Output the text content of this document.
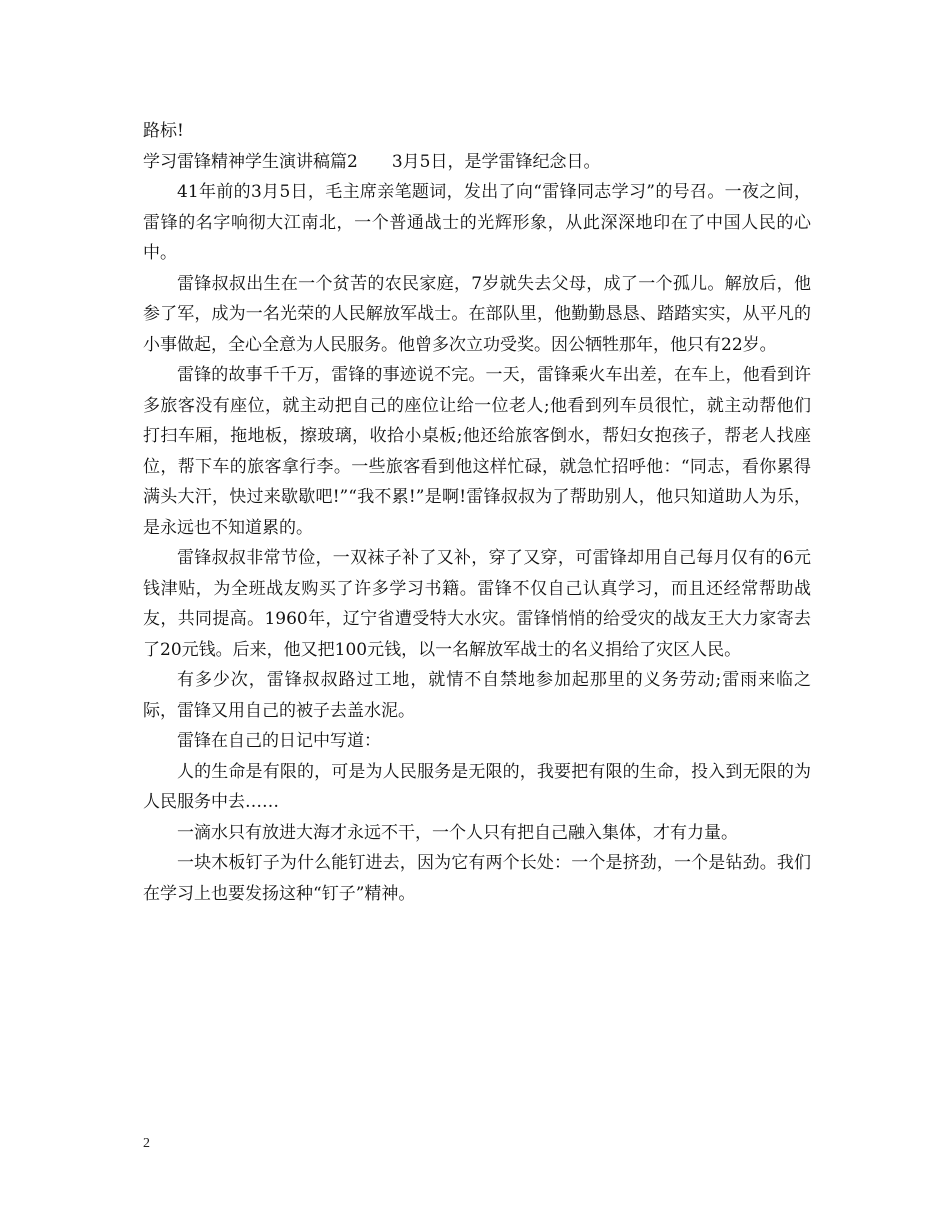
路标!

学习雷锋精神学生演讲稿篇2 3月5日，是学雷锋纪念日。

41年前的3月5日，毛主席亲笔题词，发出了向“雷锋同志学习”的号召。一夜之间，雷锋的名字响彻大江南北，一个普通战士的光辉形象，从此深深地印在了中国人民的心中。

雷锋叔叔出生在一个贫苦的农民家庭，7岁就失去父母，成了一个孤儿。解放后，他参了军，成为一名光荣的人民解放军战士。在部队里，他勤勤恳恳、踏踏实实，从平凡的小事做起，全心全意为人民服务。他曾多次立功受奖。因公牺牲那年，他只有22岁。

雷锋的故事千千万，雷锋的事迹说不完。一天，雷锋乘火车出差，在车上，他看到许多旅客没有座位，就主动把自己的座位让给一位老人;他看到列车员很忙，就主动帮他们打扫车厢，拖地板，擦玻璃，收拾小桌板;他还给旅客倒水，帮妇女抱孩子，帮老人找座位，帮下车的旅客拿行李。一些旅客看到他这样忙碌，就急忙招呼他：“同志，看你累得满头大汗，快过来歇歇吧!”“我不累!”是啊!雷锋叔叔为了帮助别人，他只知道助人为乐，是永远也不知道累的。

雷锋叔叔非常节俭，一双袜子补了又补，穿了又穿，可雷锋却用自己每月仅有的6元钱津贴，为全班战友购买了许多学习书籍。雷锋不仅自己认真学习，而且还经常帮助战友，共同提高。1960年，辽宁省遭受特大水灾。雷锋悄悄的给受灾的战友王大力家寄去了20元钱。后来，他又把100元钱，以一名解放军战士的名义捐给了灾区人民。

有多少次，雷锋叔叔路过工地，就情不自禁地参加起那里的义务劳动;雷雨来临之际，雷锋又用自己的被子去盖水泥。

雷锋在自己的日记中写道：

人的生命是有限的，可是为人民服务是无限的，我要把有限的生命，投入到无限的为人民服务中去……

一滴水只有放进大海才永远不干，一个人只有把自己融入集体，才有力量。

一块木板钉子为什么能钉进去，因为它有两个长处：一个是挤劲，一个是钻劲。我们在学习上也要发扬这种“钉子”精神。

2
